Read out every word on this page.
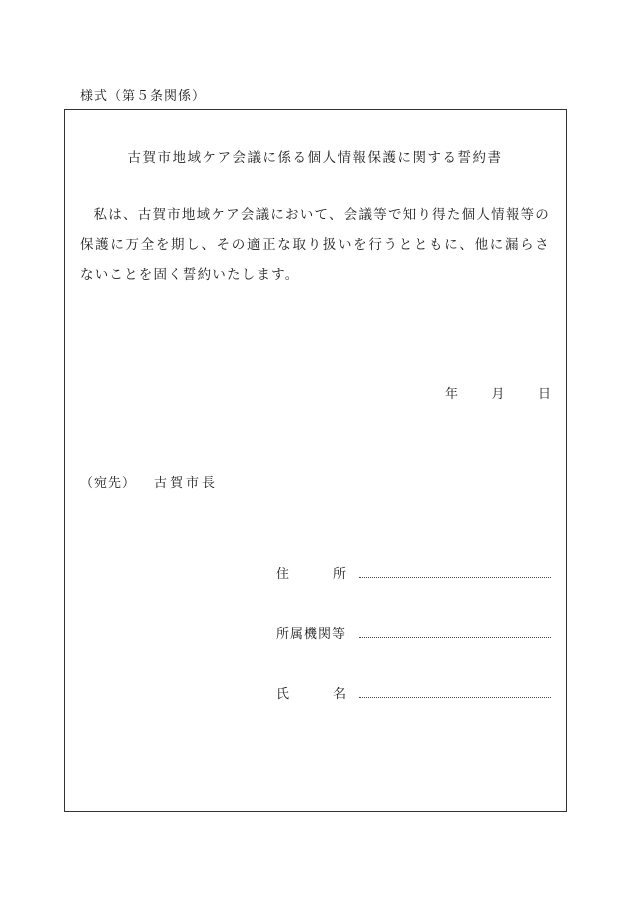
様式（第５条関係）
古賀市地域ケア会議に係る個人情報保護に関する誓約書
私は、古賀市地域ケア会議において、会議等で知り得た個人情報等の保護に万全を期し、その適正な取り扱いを行うとともに、他に漏らさないことを固く誓約いたします。
年	月	日
（宛先） 古賀市長
住	所
所属機関等
氏	名
